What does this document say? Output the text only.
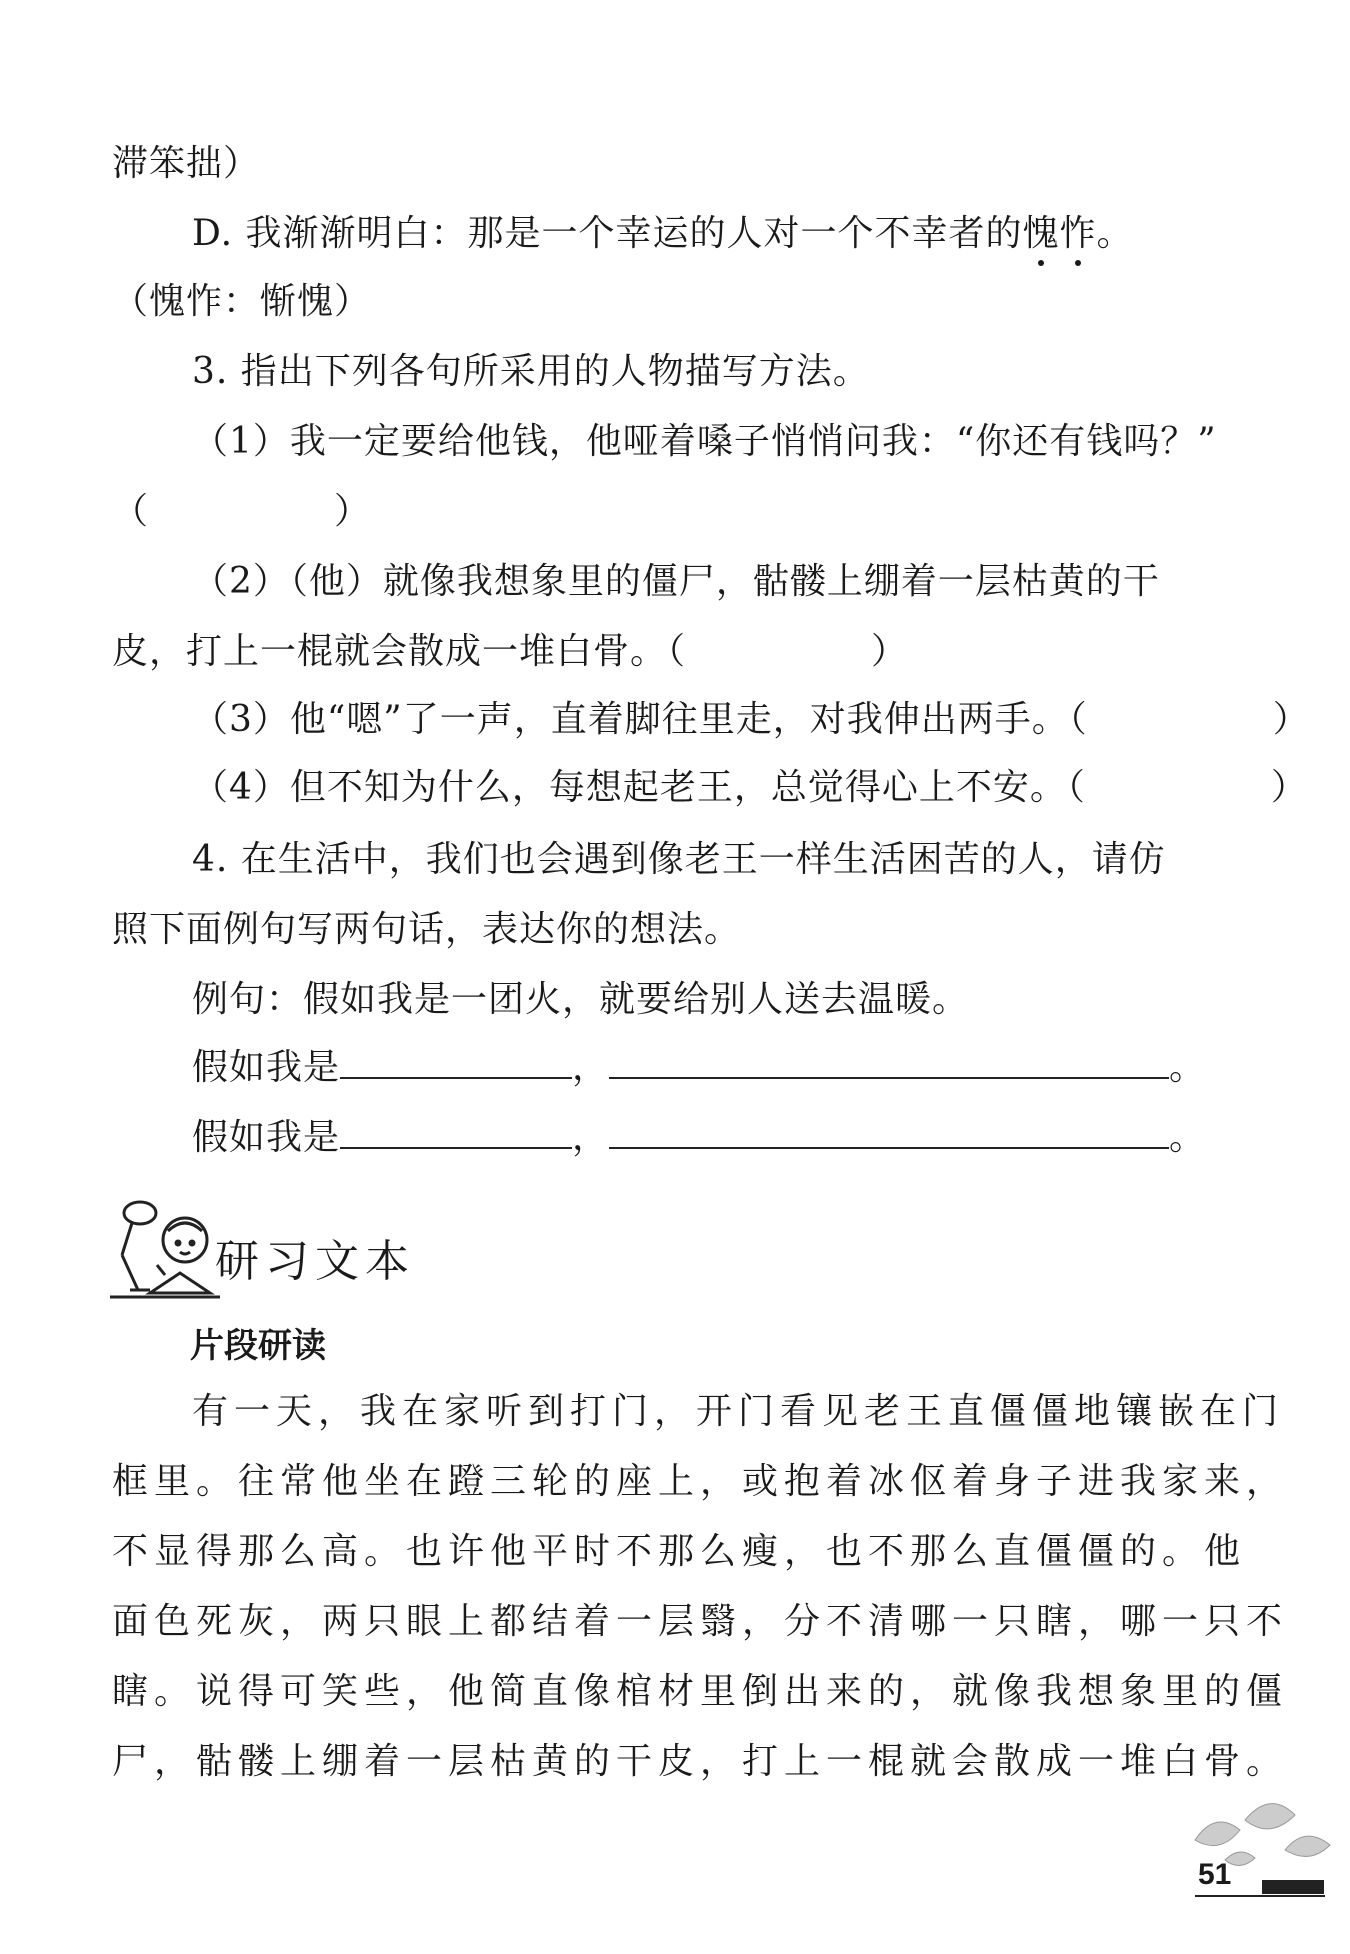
滞笨拙）
D. 我渐渐明白：那是一个幸运的人对一个不幸者的愧怍。
（愧怍：惭愧）
3. 指出下列各句所采用的人物描写方法。
（1）我一定要给他钱，他哑着嗓子悄悄问我：“你还有钱吗？”
（　　　　　）
（2）（他）就像我想象里的僵尸，骷髅上绷着一层枯黄的干
皮，打上一棍就会散成一堆白骨。（　　　　　）
（3）他“嗯”了一声，直着脚往里走，对我伸出两手。（　　　　　）
（4）但不知为什么，每想起老王，总觉得心上不安。（　　　　　）
4. 在生活中，我们也会遇到像老王一样生活困苦的人，请仿
照下面例句写两句话，表达你的想法。
例句：假如我是一团火，就要给别人送去温暖。
假如我是	，	。
假如我是	，	。
研习文本
片段研读
有一天，我在家听到打门，开门看见老王直僵僵地镶嵌在门
框里。往常他坐在蹬三轮的座上，或抱着冰伛着身子进我家来，
不显得那么高。也许他平时不那么瘦，也不那么直僵僵的。他
面色死灰，两只眼上都结着一层翳，分不清哪一只瞎，哪一只不
瞎。说得可笑些，他简直像棺材里倒出来的，就像我想象里的僵
尸，骷髅上绷着一层枯黄的干皮，打上一棍就会散成一堆白骨。
51
